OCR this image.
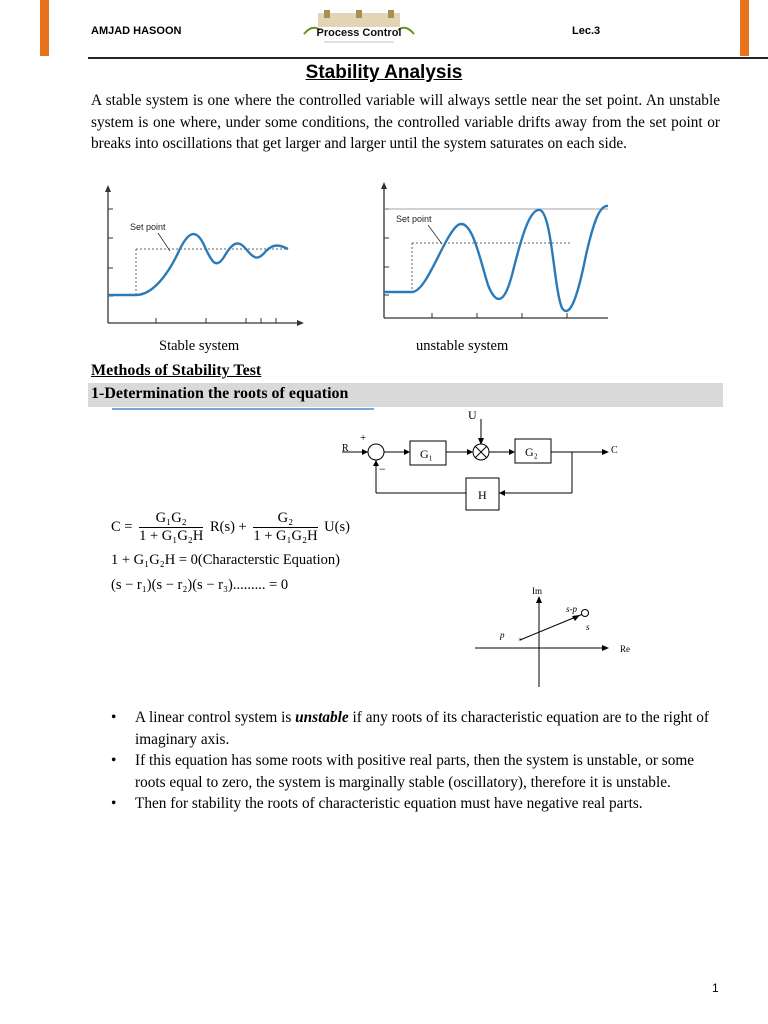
AMJAD HASOON	Process Control	Lec.3
Stability Analysis
A stable system is one where the controlled variable will always settle near the set point. An unstable system is one where, under some conditions, the controlled variable drifts away from the set point or breaks into oscillations that get larger and larger until the system saturates on each side.
Set point
Stable system
Set point
unstable system
Methods of Stability Test
1-Determination the roots of equation
U
R
+
−
G₁	G₂	C
H
$C = \frac{\text{G₁G₂}}{\text{1 + G₁G₂H}} R(s) + \frac{\text{G₂}}{\text{1 + G₁G₂H}} U(s)$
1 + G₁G₂H = 0(Characterstic Equation)
(s − r₁)(s − r₂)(s − r₃)......... = 0	Im
Re
p
s
s-p
×
• A linear control system is unstable if any roots of its characteristic equation are to the right of imaginary axis.
• If this equation has some roots with positive real parts, then the system is unstable, or some roots equal to zero, the system is marginally stable (oscillatory), therefore it is unstable.
• Then for stability the roots of characteristic equation must have negative real parts.
1
